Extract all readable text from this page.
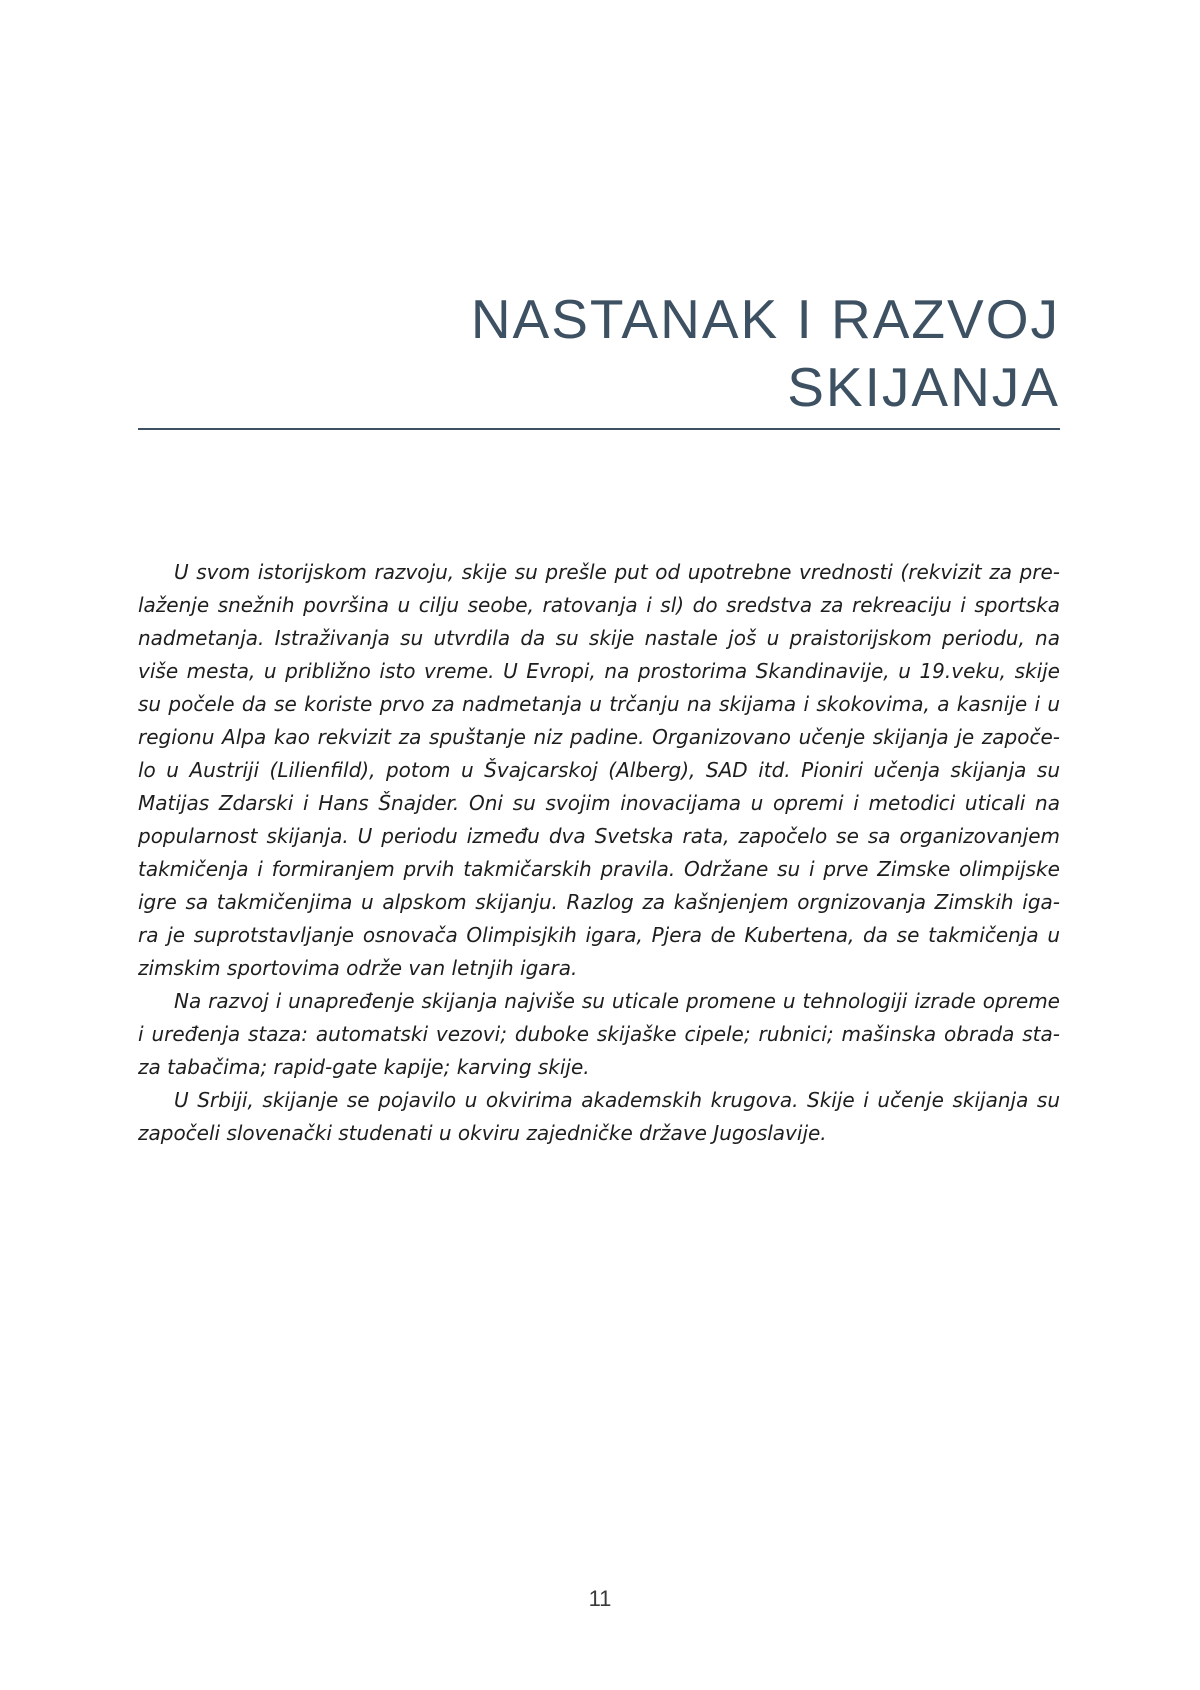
NASTANAK I RAZVOJ
SKIJANJA
U svom istorijskom razvoju, skije su prešle put od upotrebne vrednosti (rekvizit za pre-
laženje snežnih površina u cilju seobe, ratovanja i sl) do sredstva za rekreaciju i sportska
nadmetanja. Istraživanja su utvrdila da su skije nastale još u praistorijskom periodu, na
više mesta, u približno isto vreme. U Evropi, na prostorima Skandinavije, u 19.veku, skije
su počele da se koriste prvo za nadmetanja u trčanju na skijama i skokovima, a kasnije i u
regionu Alpa kao rekvizit za spuštanje niz padine. Organizovano učenje skijanja je započe-
lo u Austriji (Lilienfild), potom u Švajcarskoj (Alberg), SAD itd. Pioniri učenja skijanja su
Matijas Zdarski i Hans Šnajder. Oni su svojim inovacijama u opremi i metodici uticali na
popularnost skijanja. U periodu između dva Svetska rata, započelo se sa organizovanjem
takmičenja i formiranjem prvih takmičarskih pravila. Održane su i prve Zimske olimpijske
igre sa takmičenjima u alpskom skijanju. Razlog za kašnjenjem orgnizovanja Zimskih iga-
ra je suprotstavljanje osnovača Olimpisjkih igara, Pjera de Kubertena, da se takmičenja u
zimskim sportovima održe van letnjih igara.
Na razvoj i unapređenje skijanja najviše su uticale promene u tehnologiji izrade opreme
i uređenja staza: automatski vezovi; duboke skijaške cipele; rubnici; mašinska obrada sta-
za tabačima; rapid-gate kapije; karving skije.
U Srbiji, skijanje se pojavilo u okvirima akademskih krugova. Skije i učenje skijanja su
započeli slovenački studenati u okviru zajedničke države Jugoslavije.
11
